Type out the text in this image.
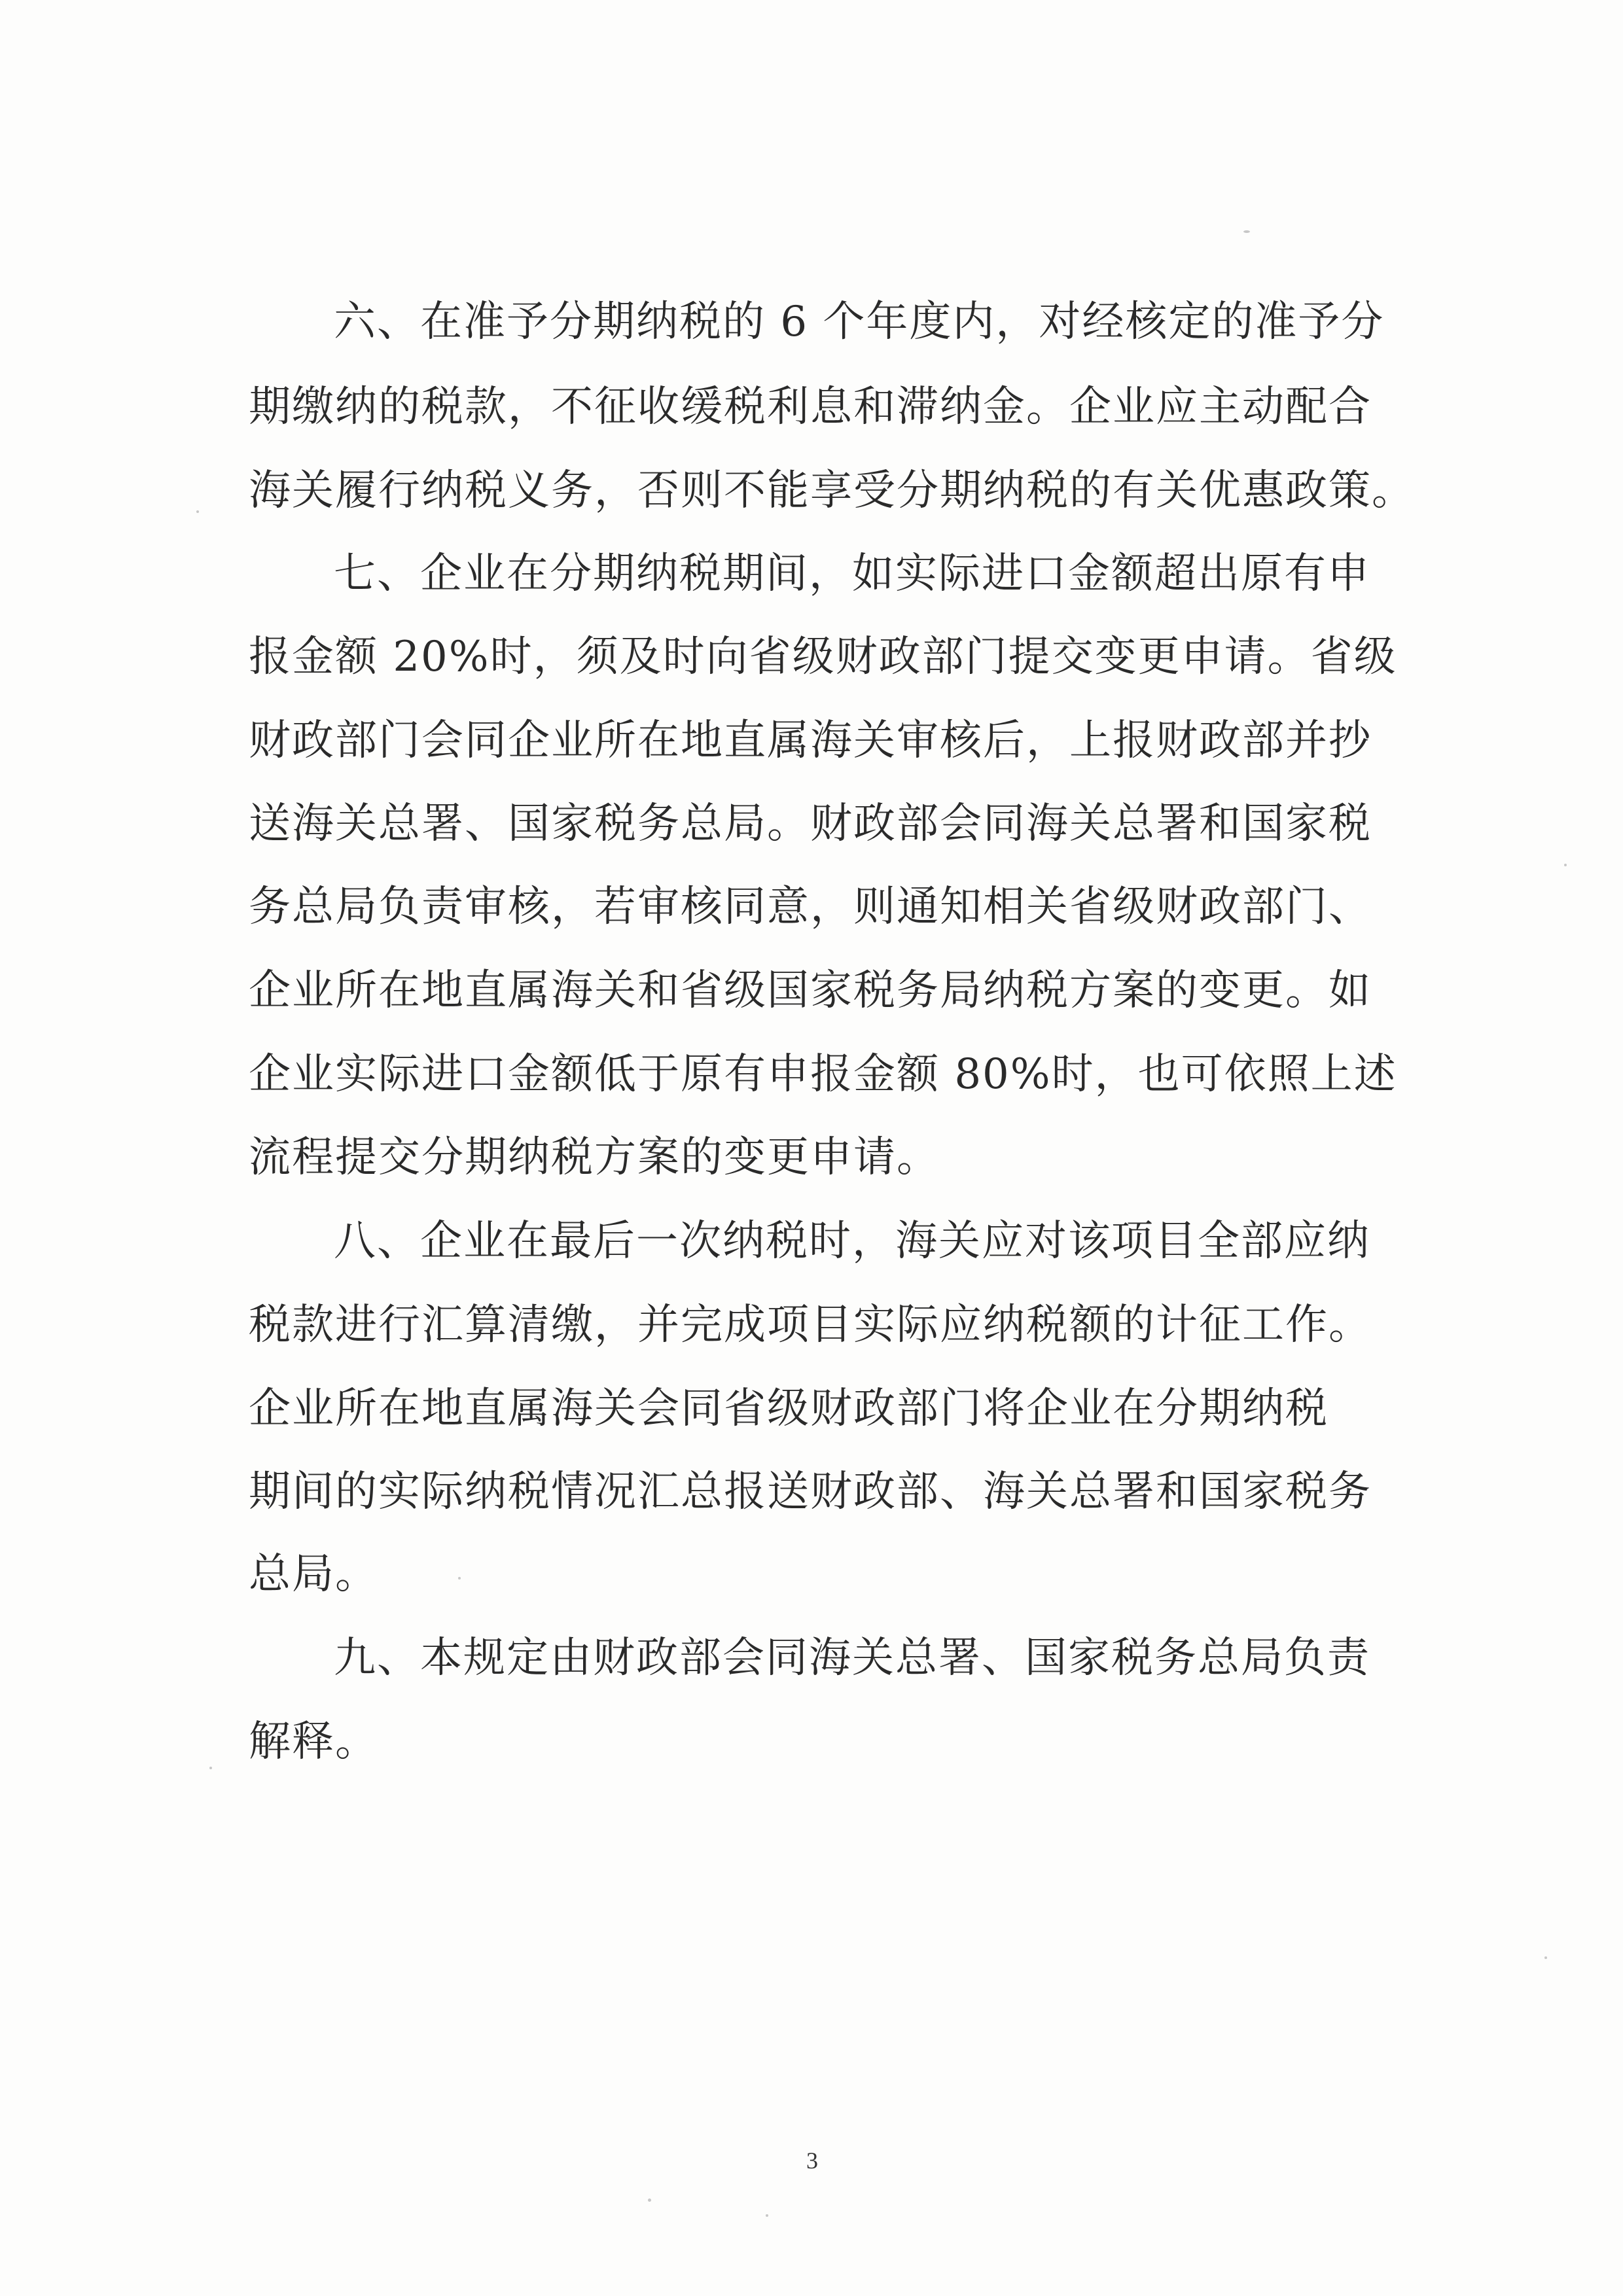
六、在准予分期纳税的 6 个年度内，对经核定的准予分

期缴纳的税款，不征收缓税利息和滞纳金。企业应主动配合

海关履行纳税义务，否则不能享受分期纳税的有关优惠政策。

七、企业在分期纳税期间，如实际进口金额超出原有申

报金额 20%时，须及时向省级财政部门提交变更申请。省级

财政部门会同企业所在地直属海关审核后，上报财政部并抄

送海关总署、国家税务总局。财政部会同海关总署和国家税

务总局负责审核，若审核同意，则通知相关省级财政部门、

企业所在地直属海关和省级国家税务局纳税方案的变更。如

企业实际进口金额低于原有申报金额 80%时，也可依照上述

流程提交分期纳税方案的变更申请。

八、企业在最后一次纳税时，海关应对该项目全部应纳

税款进行汇算清缴，并完成项目实际应纳税额的计征工作。

企业所在地直属海关会同省级财政部门将企业在分期纳税

期间的实际纳税情况汇总报送财政部、海关总署和国家税务

总局。

九、本规定由财政部会同海关总署、国家税务总局负责

解释。

3
